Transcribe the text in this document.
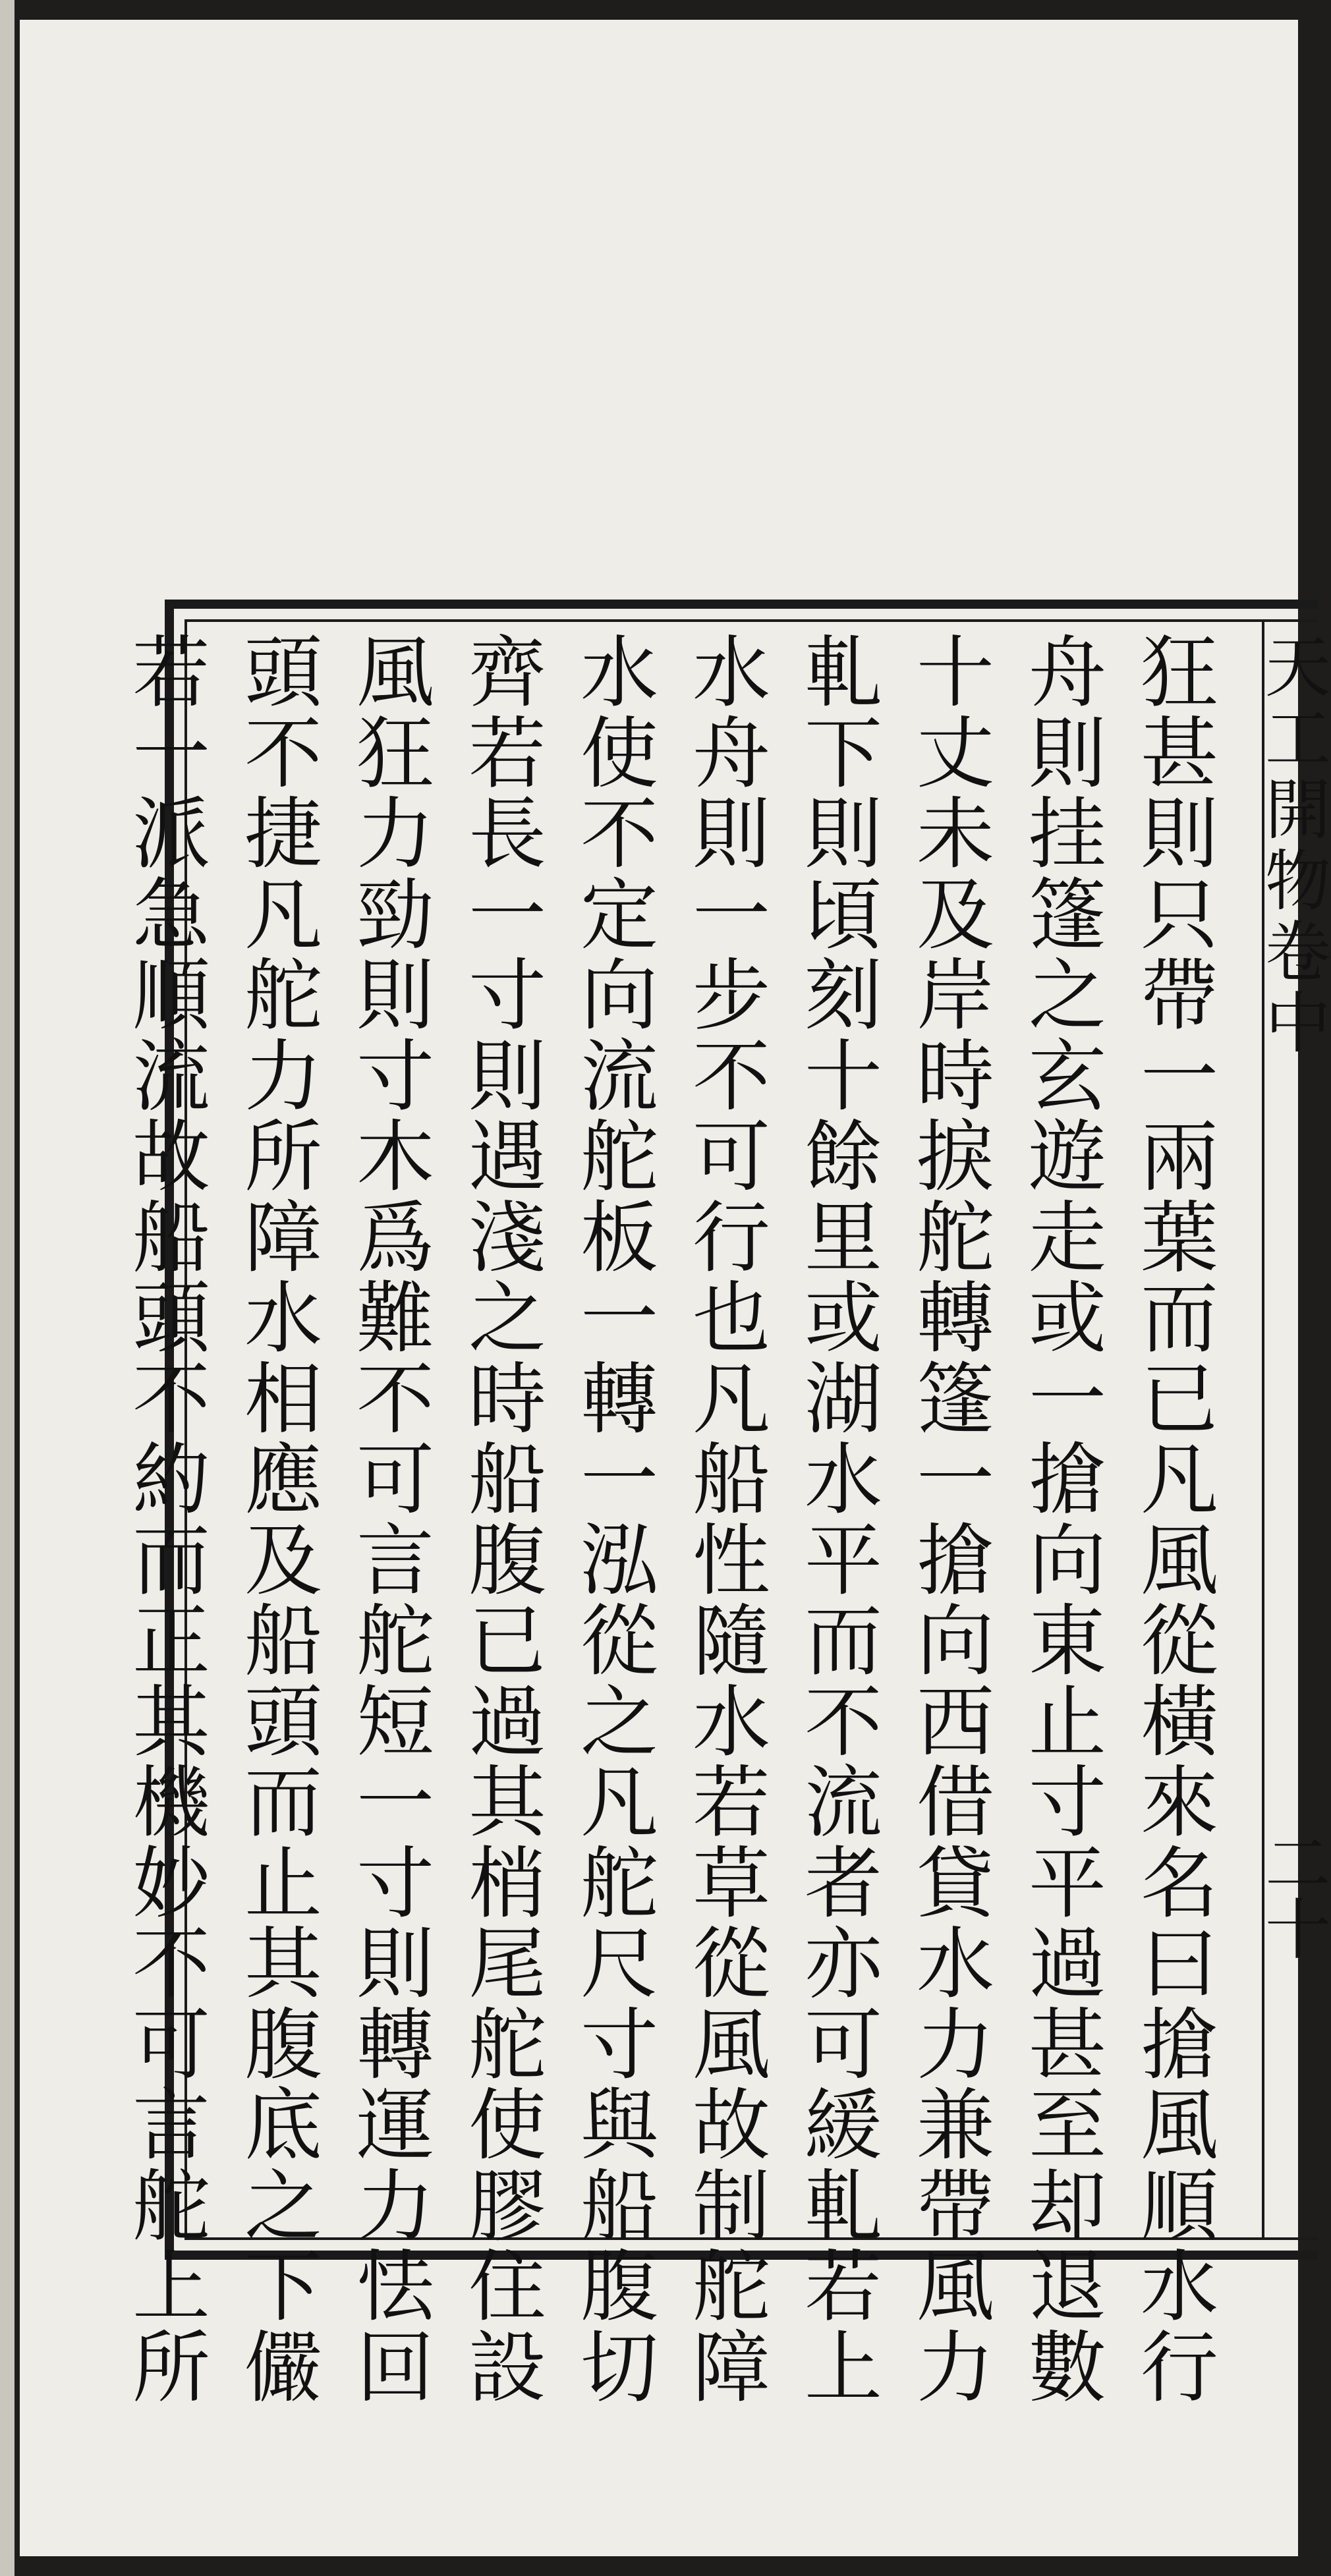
天
工
開
物
卷
中
二
十
狂
甚
則
只
帶
一
兩
葉
而
已
凡
風
從
橫
來
名
曰
搶
風
順
水
行
舟
則
挂
篷
之
玄
遊
走
或
一
搶
向
東
止
寸
平
過
甚
至
却
退
數
十
丈
未
及
岸
時
捩
舵
轉
篷
一
搶
向
西
借
貸
水
力
兼
帶
風
力
軋
下
則
頃
刻
十
餘
里
或
湖
水
平
而
不
流
者
亦
可
緩
軋
若
上
水
舟
則
一
步
不
可
行
也
凡
船
性
隨
水
若
草
從
風
故
制
舵
障
水
使
不
定
向
流
舵
板
一
轉
一
泓
從
之
凡
舵
尺
寸
與
船
腹
切
齊
若
長
一
寸
則
遇
淺
之
時
船
腹
已
過
其
梢
尾
舵
使
膠
住
設
風
狂
力
勁
則
寸
木
爲
難
不
可
言
舵
短
一
寸
則
轉
運
力
怯
回
頭
不
捷
凡
舵
力
所
障
水
相
應
及
船
頭
而
止
其
腹
底
之
下
儼
若
一
派
急
順
流
故
船
頭
不
約
而
正
其
機
妙
不
可
言
舵
上
所
